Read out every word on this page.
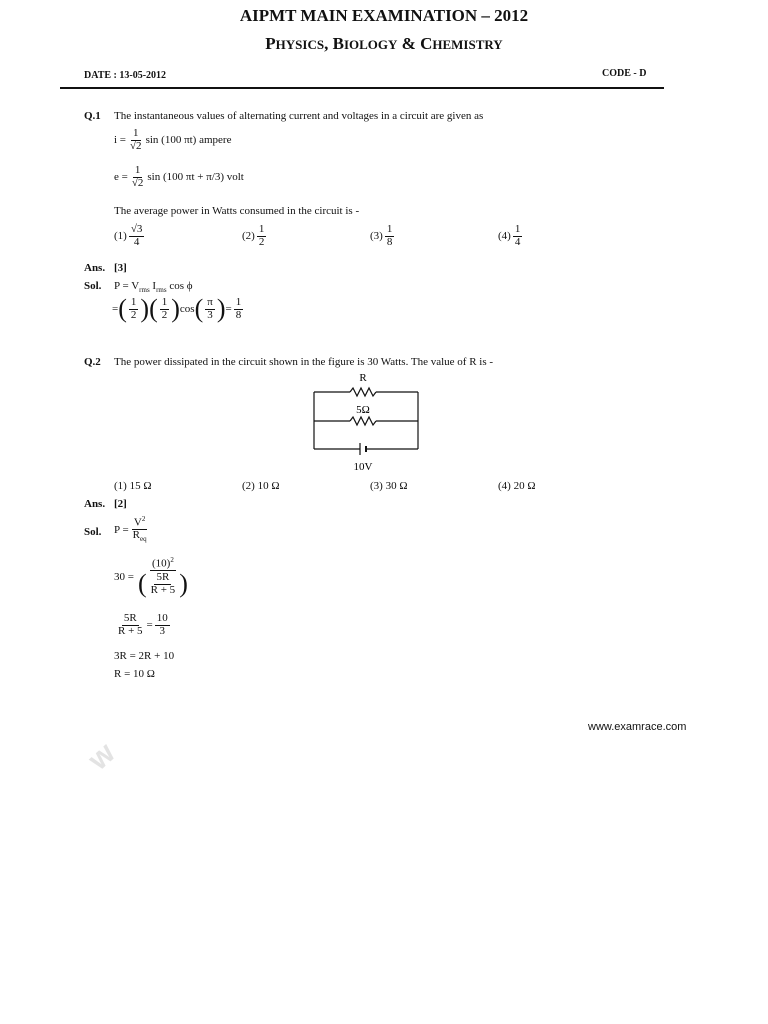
AIPMT MAIN EXAMINATION – 2012
PHYSICS, BIOLOGY & CHEMISTRY
DATE : 13-05-2012	CODE - D
Q.1 The instantaneous values of alternating current and voltages in a circuit are given as
$i = \frac{1}{√2}$ sin (100 πt) ampere
$e = \frac{1}{√2}$ sin (100 πt + π/3) volt
The average power in Watts consumed in the circuit is -
$(1) \frac{√3}{4}$	$(2) \frac{1}{2}$	$(3) \frac{1}{8}$	$(4) \frac{1}{4}$
Ans. [3]
Sol. $P = V_{rms}$ $I_{rms}$ cos ϕ
= ( $\frac{1}{2}$ ) ( $\frac{1}{2}$ ) cos ( $\frac{\pi}{3}$ ) = $\frac{1}{8}$
Q.2 The power dissipated in the circuit shown in the figure is 30 Watts. The value of R is -
R
5Ω
10V
(1) 15 Ω	(2) 10 Ω	(3) 30 Ω	(4) 20 Ω
Ans. [2]
Sol. $P = \frac{V^2}{R_{eq}}$
$30 = \frac{(10)^2}{( \frac{5R}{R + 5} )}$
$\frac{5R}{R + 5} = \frac{10}{3}$
3R = 2R + 10
R = 10 Ω
www.examrace.com
w
